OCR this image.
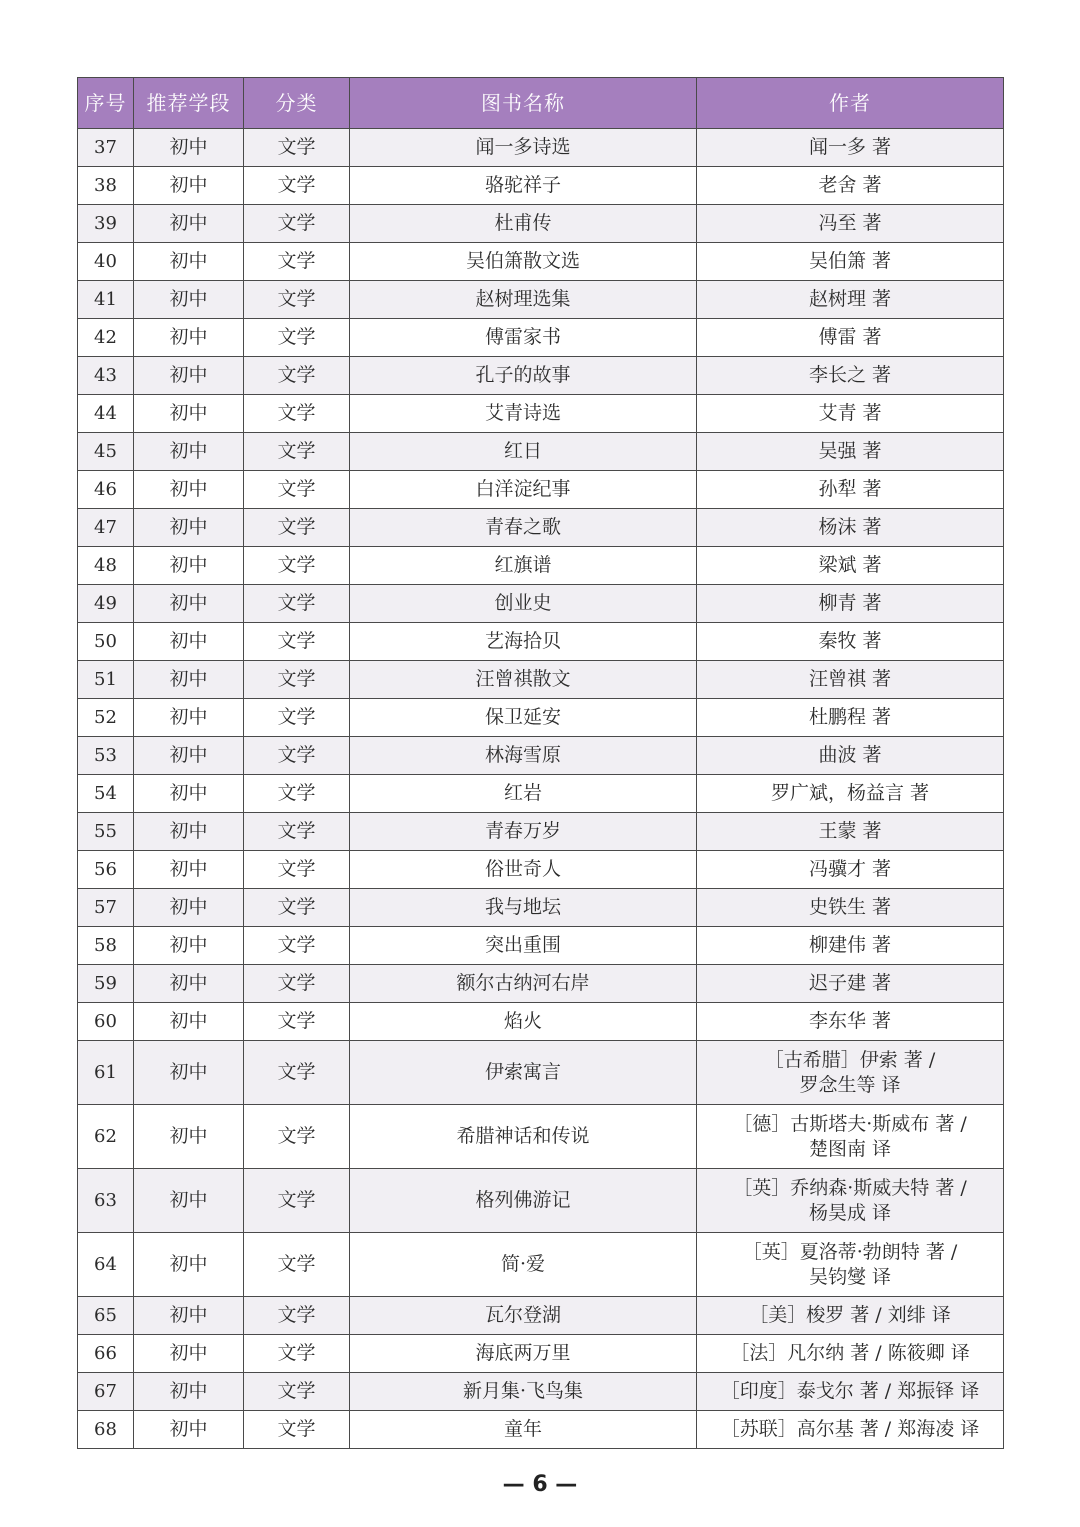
序号	推荐学段	分类	图书名称	作者
37	初中	文学	闻一多诗选	闻一多 著

38	初中	文学	骆驼祥子	老舍 著

39	初中	文学	杜甫传	冯至 著

40	初中	文学	吴伯箫散文选	吴伯箫 著

41	初中	文学	赵树理选集	赵树理 著

42	初中	文学	傅雷家书	傅雷 著

43	初中	文学	孔子的故事	李长之 著

44	初中	文学	艾青诗选	艾青 著

45	初中	文学	红日	吴强 著

46	初中	文学	白洋淀纪事	孙犁 著

47	初中	文学	青春之歌	杨沫 著

48	初中	文学	红旗谱	梁斌 著

49	初中	文学	创业史	柳青 著

50	初中	文学	艺海拾贝	秦牧 著

51	初中	文学	汪曾祺散文	汪曾祺 著

52	初中	文学	保卫延安	杜鹏程 著

53	初中	文学	林海雪原	曲波 著

54	初中	文学	红岩	罗广斌，杨益言 著

55	初中	文学	青春万岁	王蒙 著

56	初中	文学	俗世奇人	冯骥才 著

57	初中	文学	我与地坛	史铁生 著

58	初中	文学	突出重围	柳建伟 著

59	初中	文学	额尔古纳河右岸	迟子建 著

60	初中	文学	焰火	李东华 著

61	初中	文学	伊索寓言	［古希腊］伊索 著 /
罗念生等 译

62	初中	文学	希腊神话和传说	［德］古斯塔夫·斯威布 著 /
楚图南 译

63	初中	文学	格列佛游记	［英］乔纳森·斯威夫特 著 /
杨昊成 译

64	初中	文学	简·爱	［英］夏洛蒂·勃朗特 著 /
吴钧燮 译

65	初中	文学	瓦尔登湖	［美］梭罗 著 / 刘绯 译

66	初中	文学	海底两万里	［法］凡尔纳 著 / 陈筱卿 译

67	初中	文学	新月集·飞鸟集	［印度］泰戈尔 著 / 郑振铎 译

68	初中	文学	童年	［苏联］高尔基 著 / 郑海凌 译
— 6 —
